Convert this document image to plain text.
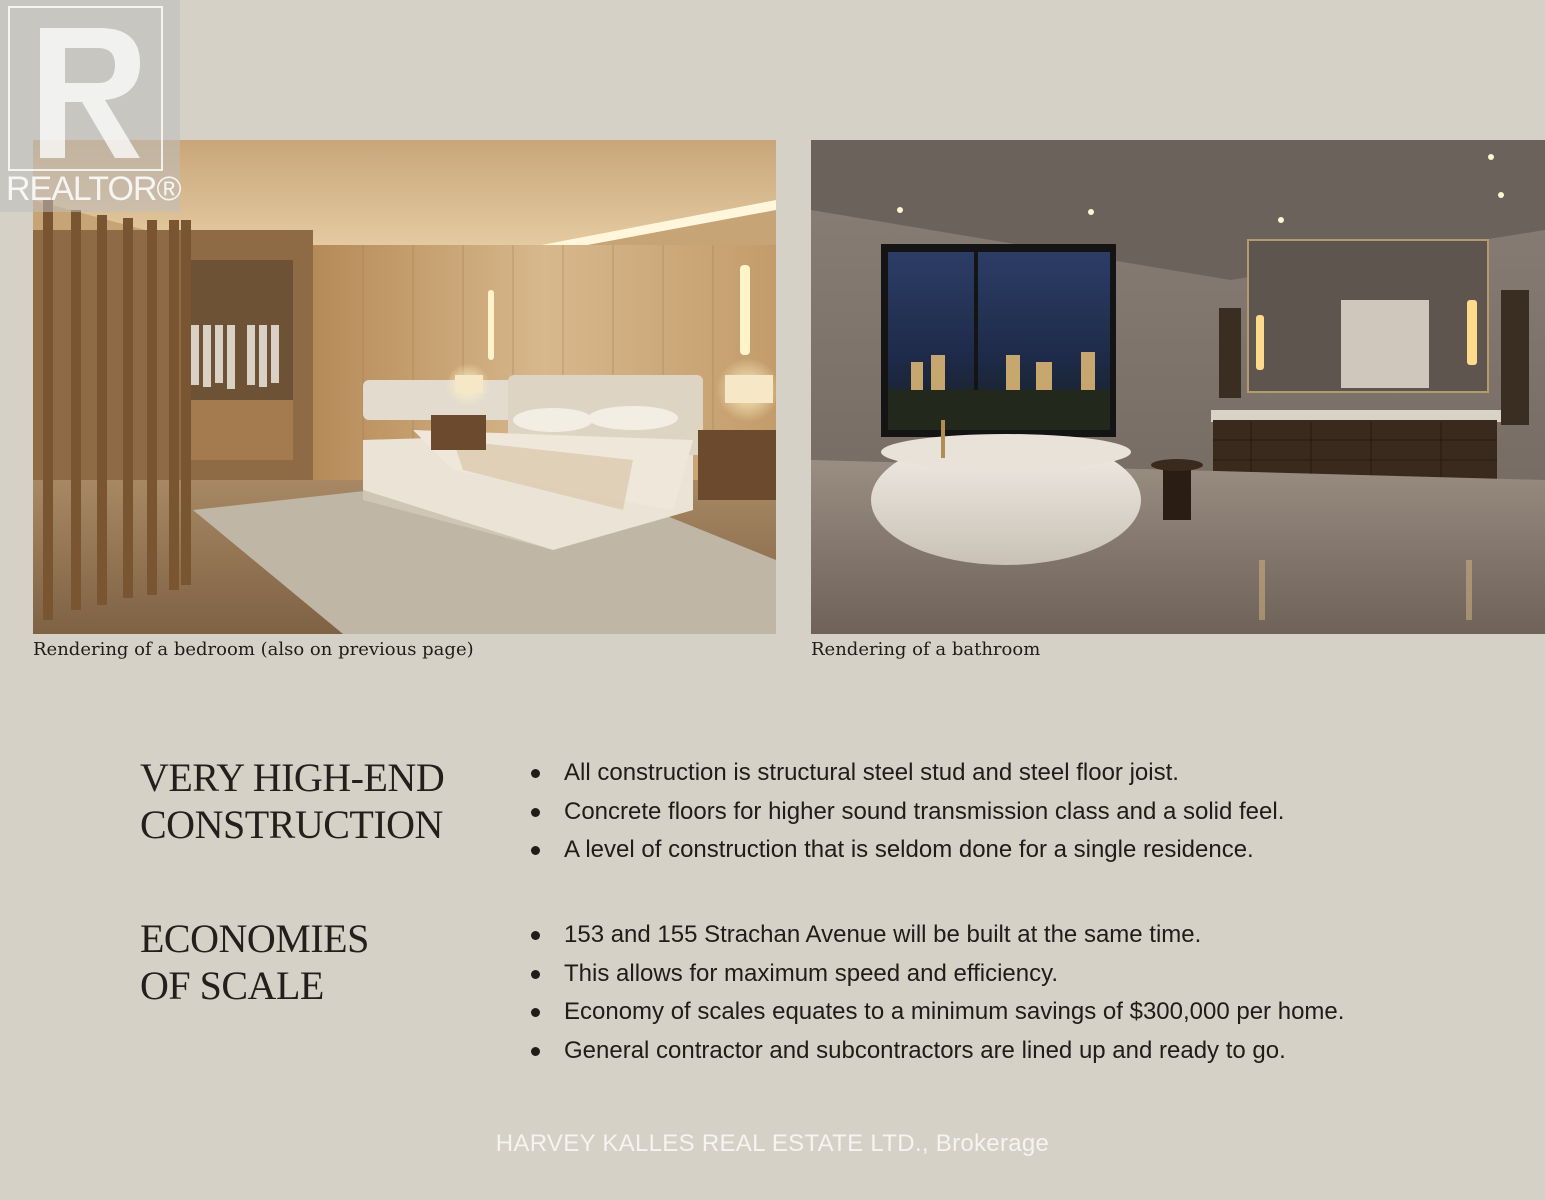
REALTOR®
Rendering of a bedroom (also on previous page)	Rendering of a bathroom
VERY HIGH-END
CONSTRUCTION
All construction is structural steel stud and steel floor joist.
Concrete floors for higher sound transmission class and a solid feel.
A level of construction that is seldom done for a single residence.
ECONOMIES
OF SCALE
153 and 155 Strachan Avenue will be built at the same time.
This allows for maximum speed and efficiency.
Economy of scales equates to a minimum savings of $300,000 per home.
General contractor and subcontractors are lined up and ready to go.
HARVEY KALLES REAL ESTATE LTD., Brokerage
